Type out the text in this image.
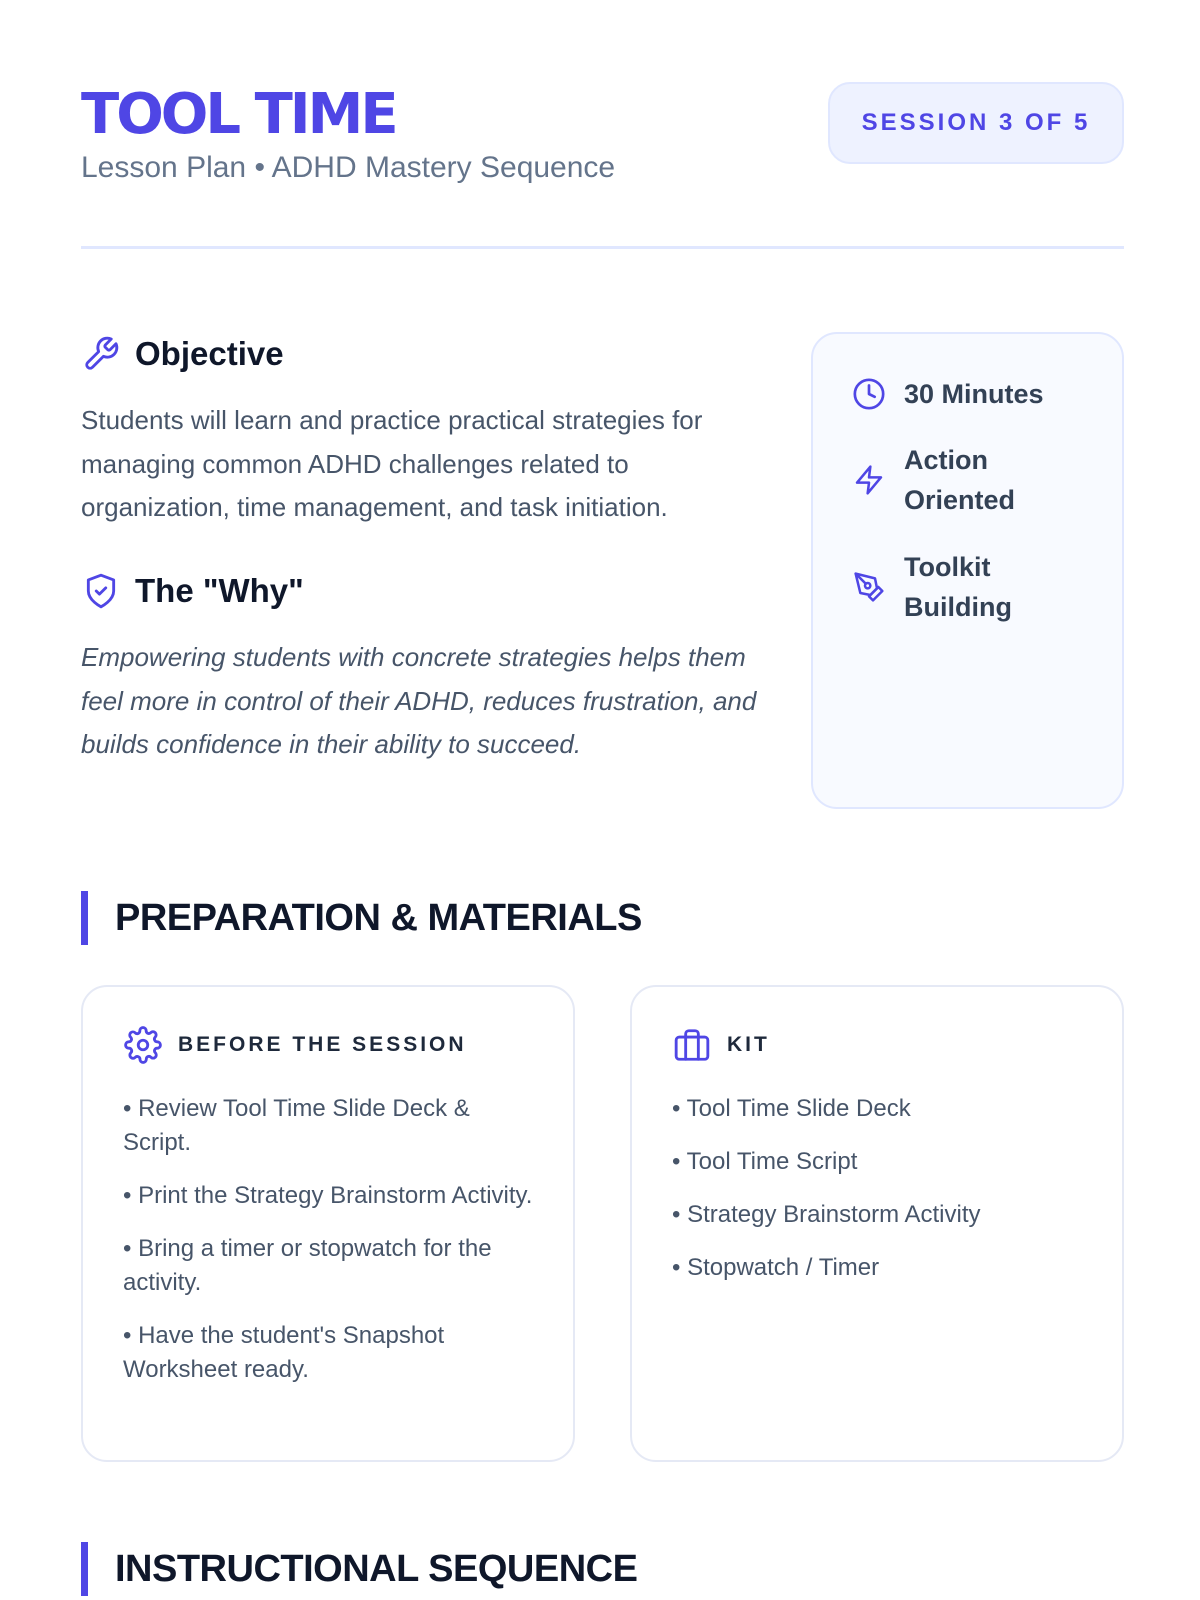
TOOL TIME
Lesson Plan • ADHD Mastery Sequence
SESSION 3 OF 5
Objective

Students will learn and practice practical strategies for managing common ADHD challenges related to organization, time management, and task initiation.

The "Why"

Empowering students with concrete strategies helps them feel more in control of their ADHD, reduces frustration, and builds confidence in their ability to succeed.

30 Minutes
Action Oriented
Toolkit Building
PREPARATION & MATERIALS
BEFORE THE SESSION
• Review Tool Time Slide Deck & Script.
• Print the Strategy Brainstorm Activity.
• Bring a timer or stopwatch for the activity.
• Have the student's Snapshot Worksheet ready.
KIT
• Tool Time Slide Deck
• Tool Time Script
• Strategy Brainstorm Activity
• Stopwatch / Timer
INSTRUCTIONAL SEQUENCE
